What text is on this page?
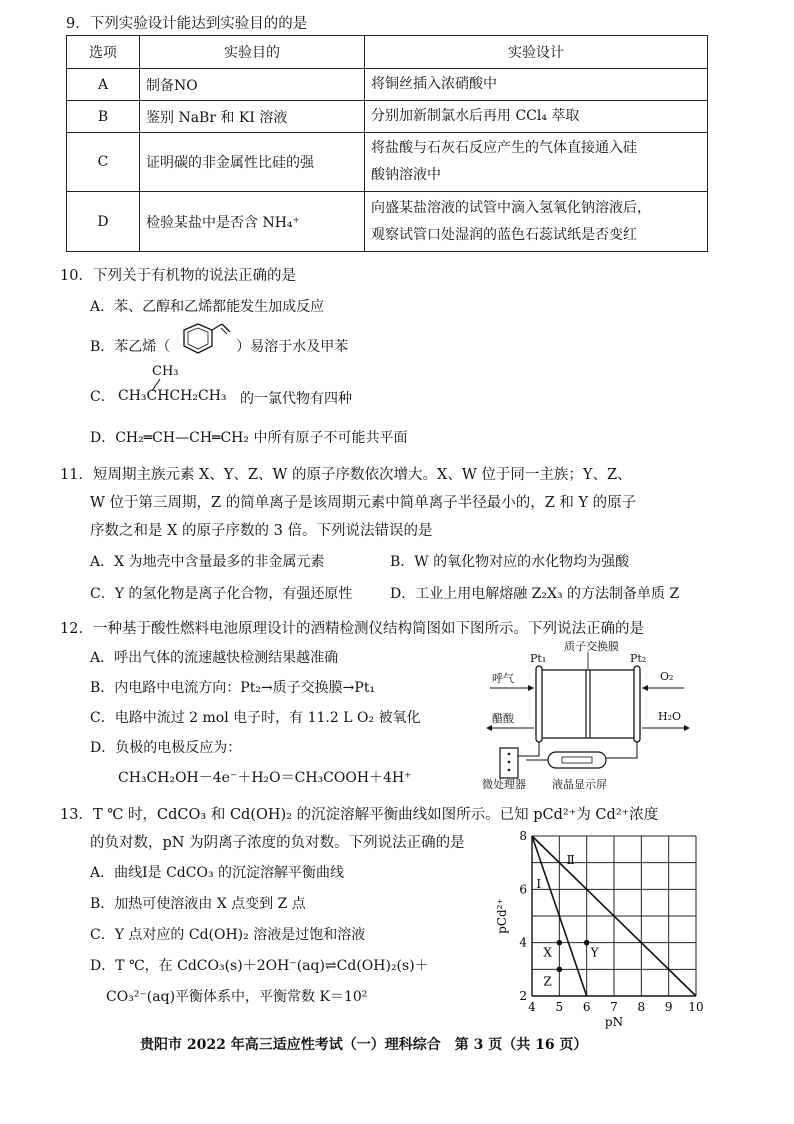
9．下列实验设计能达到实验目的的是
选项	实验目的	实验设计
A	制备NO	将铜丝插入浓硝酸中
B	鉴别 NaBr 和 KI 溶液	分别加新制氯水后再用 CCl₄ 萃取
C	证明碳的非金属性比硅的强	将盐酸与石灰石反应产生的气体直接通入硅
酸钠溶液中

D	检验某盐中是否含 NH₄⁺	向盛某盐溶液的试管中滴入氢氧化钠溶液后，
观察试管口处湿润的蓝色石蕊试纸是否变红
10．下列关于有机物的说法正确的是
A．苯、乙醇和乙烯都能发生加成反应
B．苯乙烯（	）易溶于水及甲苯
C．
CH₃
CH₃CHCH₂CH₃ 的一氯代物有四种
D．CH₂═CH—CH═CH₂ 中所有原子不可能共平面
11．短周期主族元素 X、Y、Z、W 的原子序数依次增大。X、W 位于同一主族；Y、Z、
W 位于第三周期，Z 的简单离子是该周期元素中简单离子半径最小的，Z 和 Y 的原子
序数之和是 X 的原子序数的 3 倍。下列说法错误的是
A．X 为地壳中含量最多的非金属元素	B．W 的氧化物对应的水化物均为强酸
C．Y 的氢化物是离子化合物，有强还原性	D．工业上用电解熔融 Z₂X₃ 的方法制备单质 Z
12．一种基于酸性燃料电池原理设计的酒精检测仪结构简图如下图所示。下列说法正确的是
A．呼出气体的流速越快检测结果越准确
B．内电路中电流方向：Pt₂→质子交换膜→Pt₁
C．电路中流过 2 mol 电子时，有 11.2 L O₂ 被氧化
D．负极的电极反应为：
CH₃CH₂OH－4e⁻＋H₂O＝CH₃COOH＋4H⁺
质子交换膜
Pt₁	Pt₂
呼气	O₂
醋酸	H₂O
微处理器 液晶显示屏
13．T ℃ 时，CdCO₃ 和 Cd(OH)₂ 的沉淀溶解平衡曲线如图所示。已知 pCd²⁺为 Cd²⁺浓度
的负对数，pN 为阴离子浓度的负对数。下列说法正确的是
A．曲线Ⅰ是 CdCO₃ 的沉淀溶解平衡曲线
B．加热可使溶液由 X 点变到 Z 点
C．Y 点对应的 Cd(OH)₂ 溶液是过饱和溶液
D．T ℃，在 CdCO₃(s)＋2OH⁻(aq)⇌Cd(OH)₂(s)＋
CO₃²⁻(aq)平衡体系中，平衡常数 K＝10²
4 5 6 7 8 9 10
2
4
6
8
pN
pCd²⁺
Ⅰ
Ⅱ
X	Y
Z
贵阳市 2022 年高三适应性考试（一）理科综合　第 3 页（共 16 页）
